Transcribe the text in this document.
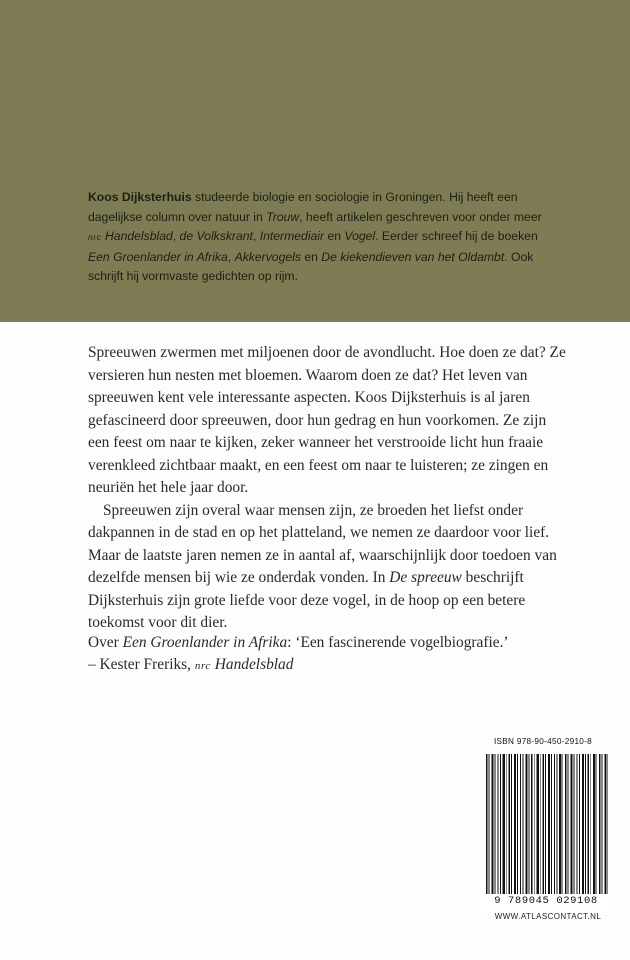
Koos Dijksterhuis studeerde biologie en sociologie in Groningen. Hij heeft een dagelijkse column over natuur in Trouw, heeft artikelen geschreven voor onder meer nrc Handelsblad, de Volkskrant, Intermediair en Vogel. Eerder schreef hij de boeken Een Groenlander in Afrika, Akkervogels en De kiekendieven van het Oldambt. Ook schrijft hij vormvaste gedichten op rijm.

Spreeuwen zwermen met miljoenen door de avondlucht. Hoe doen ze dat? Ze versieren hun nesten met bloemen. Waarom doen ze dat? Het leven van spreeuwen kent vele interessante aspecten. Koos Dijksterhuis is al jaren gefascineerd door spreeuwen, door hun gedrag en hun voorkomen. Ze zijn een feest om naar te kijken, zeker wanneer het verstrooide licht hun fraaie verenkleed zichtbaar maakt, en een feest om naar te luisteren; ze zingen en neuriën het hele jaar door.

Spreeuwen zijn overal waar mensen zijn, ze broeden het liefst onder dakpannen in de stad en op het platteland, we nemen ze daardoor voor lief. Maar de laatste jaren nemen ze in aantal af, waarschijnlijk door toedoen van dezelfde mensen bij wie ze onderdak vonden. In De spreeuw beschrijft Dijksterhuis zijn grote liefde voor deze vogel, in de hoop op een betere toekomst voor dit dier.

Over Een Groenlander in Afrika: ‘Een fascinerende vogelbiografie.’

– Kester Freriks, nrc Handelsblad

ISBN 978-90-450-2910-8
9 789045 029108
WWW.ATLASCONTACT.NL
